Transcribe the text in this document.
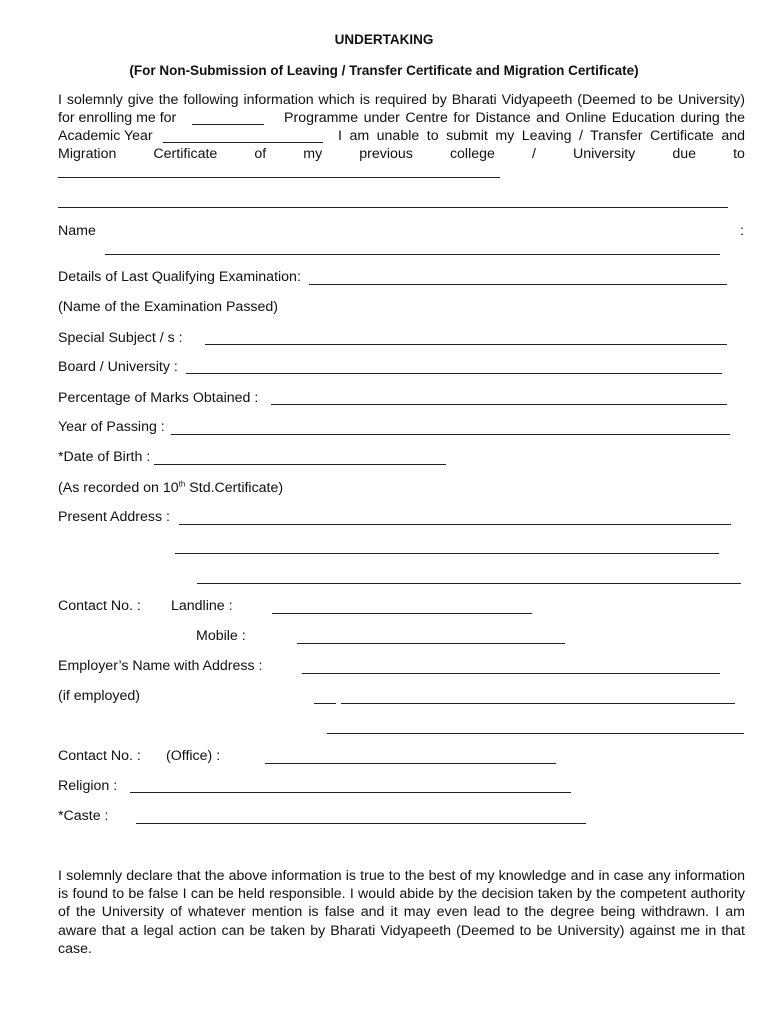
UNDERTAKING
(For Non-Submission of Leaving / Transfer Certificate and Migration Certificate)
I solemnly give the following information which is required by Bharati Vidyapeeth (Deemed to be University)
for enrolling me for	Programme under Centre for Distance and Online Education during the
Academic Year	I am unable to submit my Leaving / Transfer Certificate and
Migration	Certificate	of	my	previous	college	/	University	due	to
Name	:
Details of Last Qualifying Examination:
(Name of the Examination Passed)
Special Subject / s :
Board / University :
Percentage of Marks Obtained :
Year of Passing :
*Date of Birth :
(As recorded on 10th Std.Certificate)
Present Address :
Contact No. : Landline :
Mobile :
Employer’s Name with Address :
(if employed)
Contact No. : (Office) :
Religion :
*Caste :
I solemnly declare that the above information is true to the best of my knowledge and in case any information is found to be false I can be held responsible. I would abide by the decision taken by the competent authority of the University of whatever mention is false and it may even lead to the degree being withdrawn. I am aware that a legal action can be taken by Bharati Vidyapeeth (Deemed to be University) against me in that case.
